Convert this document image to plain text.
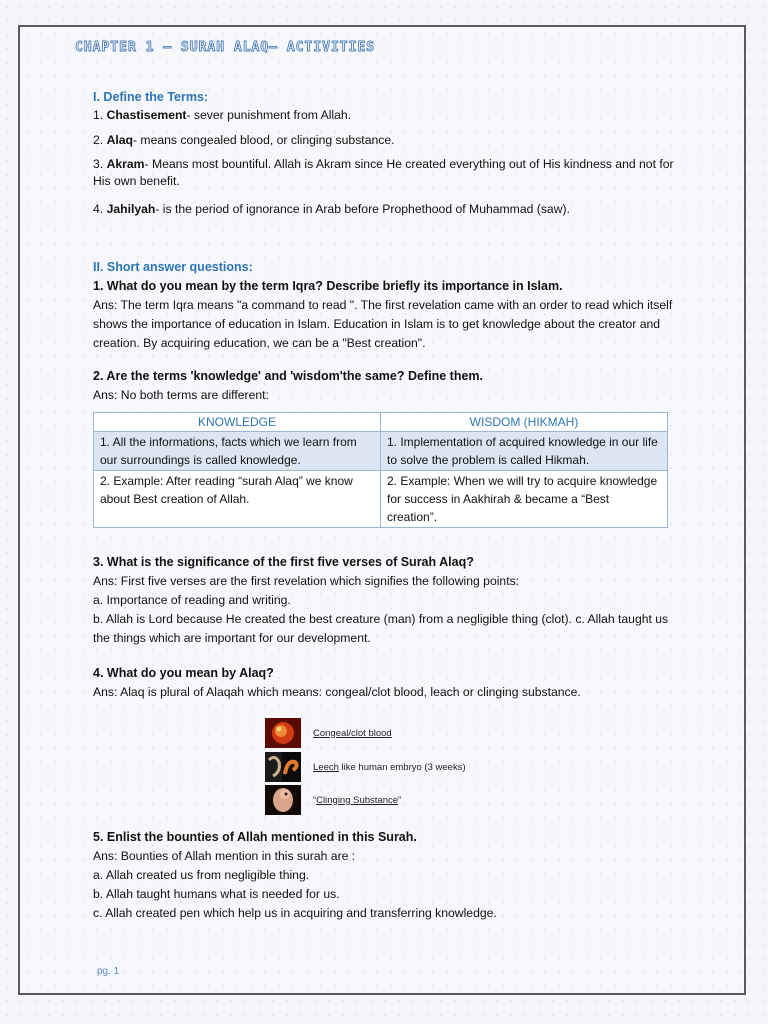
CHAPTER 1 – SURAH ALAQ– ACTIVITIES
I. Define the Terms:
1. Chastisement- sever punishment from Allah.
2. Alaq- means congealed blood, or clinging substance.
3. Akram- Means most bountiful. Allah is Akram since He created everything out of His kindness and not for His own benefit.
4. Jahilyah- is the period of ignorance in Arab before Prophethood of Muhammad (saw).
II. Short answer questions:
1. What do you mean by the term Iqra? Describe briefly its importance in Islam.
Ans: The term Iqra means "a command to read ". The first revelation came with an order to read which itself shows the importance of education in Islam. Education in Islam is to get knowledge about the creator and creation. By acquiring education, we can be a "Best creation".
2. Are the terms 'knowledge' and 'wisdom'the same? Define them.
Ans: No both terms are different:
KNOWLEDGE	WISDOM (HIKMAH)
1. All the informations, facts which we learn from our surroundings is called knowledge.	1. Implementation of acquired knowledge in our life to solve the problem is called Hikmah.
2. Example: After reading “surah Alaq” we know about Best creation of Allah.	2. Example: When we will try to acquire knowledge for success in Aakhirah & became a “Best creation”.
3. What is the significance of the first five verses of Surah Alaq?
Ans: First five verses are the first revelation which signifies the following points:
a. Importance of reading and writing.
b. Allah is Lord because He created the best creature (man) from a negligible thing (clot). c. Allah taught us the things which are important for our development.
4. What do you mean by Alaq?
Ans: Alaq is plural of Alaqah which means: congeal/clot blood, leach or clinging substance.
Congeal/clot blood
Leech like human embryo (3 weeks)
“Clinging Substance”
5. Enlist the bounties of Allah mentioned in this Surah.
Ans: Bounties of Allah mention in this surah are :
a. Allah created us from negligible thing.
b. Allah taught humans what is needed for us.
c. Allah created pen which help us in acquiring and transferring knowledge.
pg. 1
